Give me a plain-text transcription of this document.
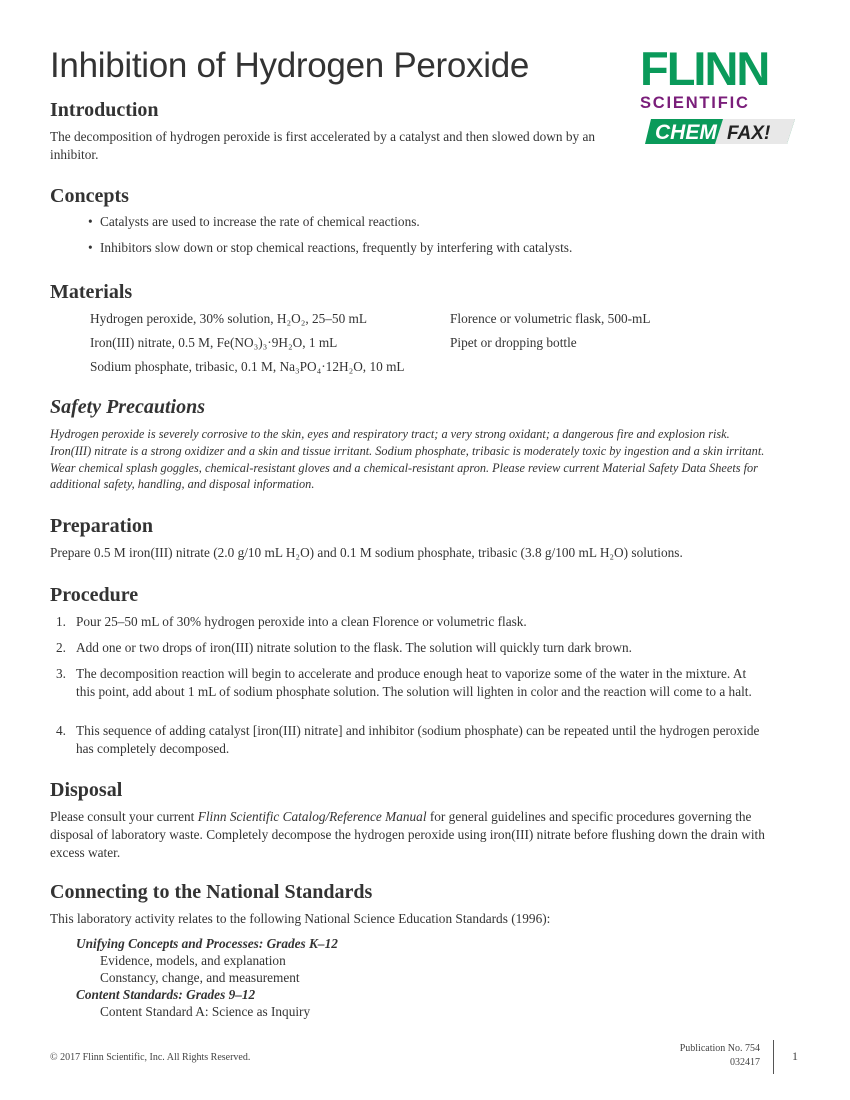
Inhibition of Hydrogen Peroxide FLINN
SCIENTIFIC
CHEM FAX!
Introduction
The decomposition of hydrogen peroxide is first accelerated by a catalyst and then slowed down by an inhibitor.
Concepts
• Catalysts are used to increase the rate of chemical reactions.
• Inhibitors slow down or stop chemical reactions, frequently by interfering with catalysts.
Materials
Hydrogen peroxide, 30% solution, H₂O₂, 25–50 mL
Iron(III) nitrate, 0.5 M, Fe(NO₃)₃·9H₂O, 1 mL
Sodium phosphate, tribasic, 0.1 M, Na₃PO₄·12H₂O, 10 mL
Florence or volumetric flask, 500-mL
Pipet or dropping bottle
Safety Precautions
Hydrogen peroxide is severely corrosive to the skin, eyes and respiratory tract; a very strong oxidant; a dangerous fire and explosion risk. Iron(III) nitrate is a strong oxidizer and a skin and tissue irritant. Sodium phosphate, tribasic is moderately toxic by ingestion and a skin irritant. Wear chemical splash goggles, chemical-resistant gloves and a chemical-resistant apron. Please review current Material Safety Data Sheets for additional safety, handling, and disposal information.
Preparation
Prepare 0.5 M iron(III) nitrate (2.0 g/10 mL H₂O) and 0.1 M sodium phosphate, tribasic (3.8 g/100 mL H₂O) solutions.
Procedure
1. Pour 25–50 mL of 30% hydrogen peroxide into a clean Florence or volumetric flask.
2. Add one or two drops of iron(III) nitrate solution to the flask. The solution will quickly turn dark brown.
3. The decomposition reaction will begin to accelerate and produce enough heat to vaporize some of the water in the mixture. At this point, add about 1 mL of sodium phosphate solution. The solution will lighten in color and the reaction will come to a halt.
4. This sequence of adding catalyst [iron(III) nitrate] and inhibitor (sodium phosphate) can be repeated until the hydrogen peroxide has completely decomposed.
Disposal
Please consult your current Flinn Scientific Catalog/Reference Manual for general guidelines and specific procedures governing the disposal of laboratory waste. Completely decompose the hydrogen peroxide using iron(III) nitrate before flushing down the drain with excess water.
Connecting to the National Standards
This laboratory activity relates to the following National Science Education Standards (1996):
Unifying Concepts and Processes: Grades K–12
Evidence, models, and explanation
Constancy, change, and measurement
Content Standards: Grades 9–12
Content Standard A: Science as Inquiry
© 2017 Flinn Scientific, Inc. All Rights Reserved.
Publication No. 754
032417	1
